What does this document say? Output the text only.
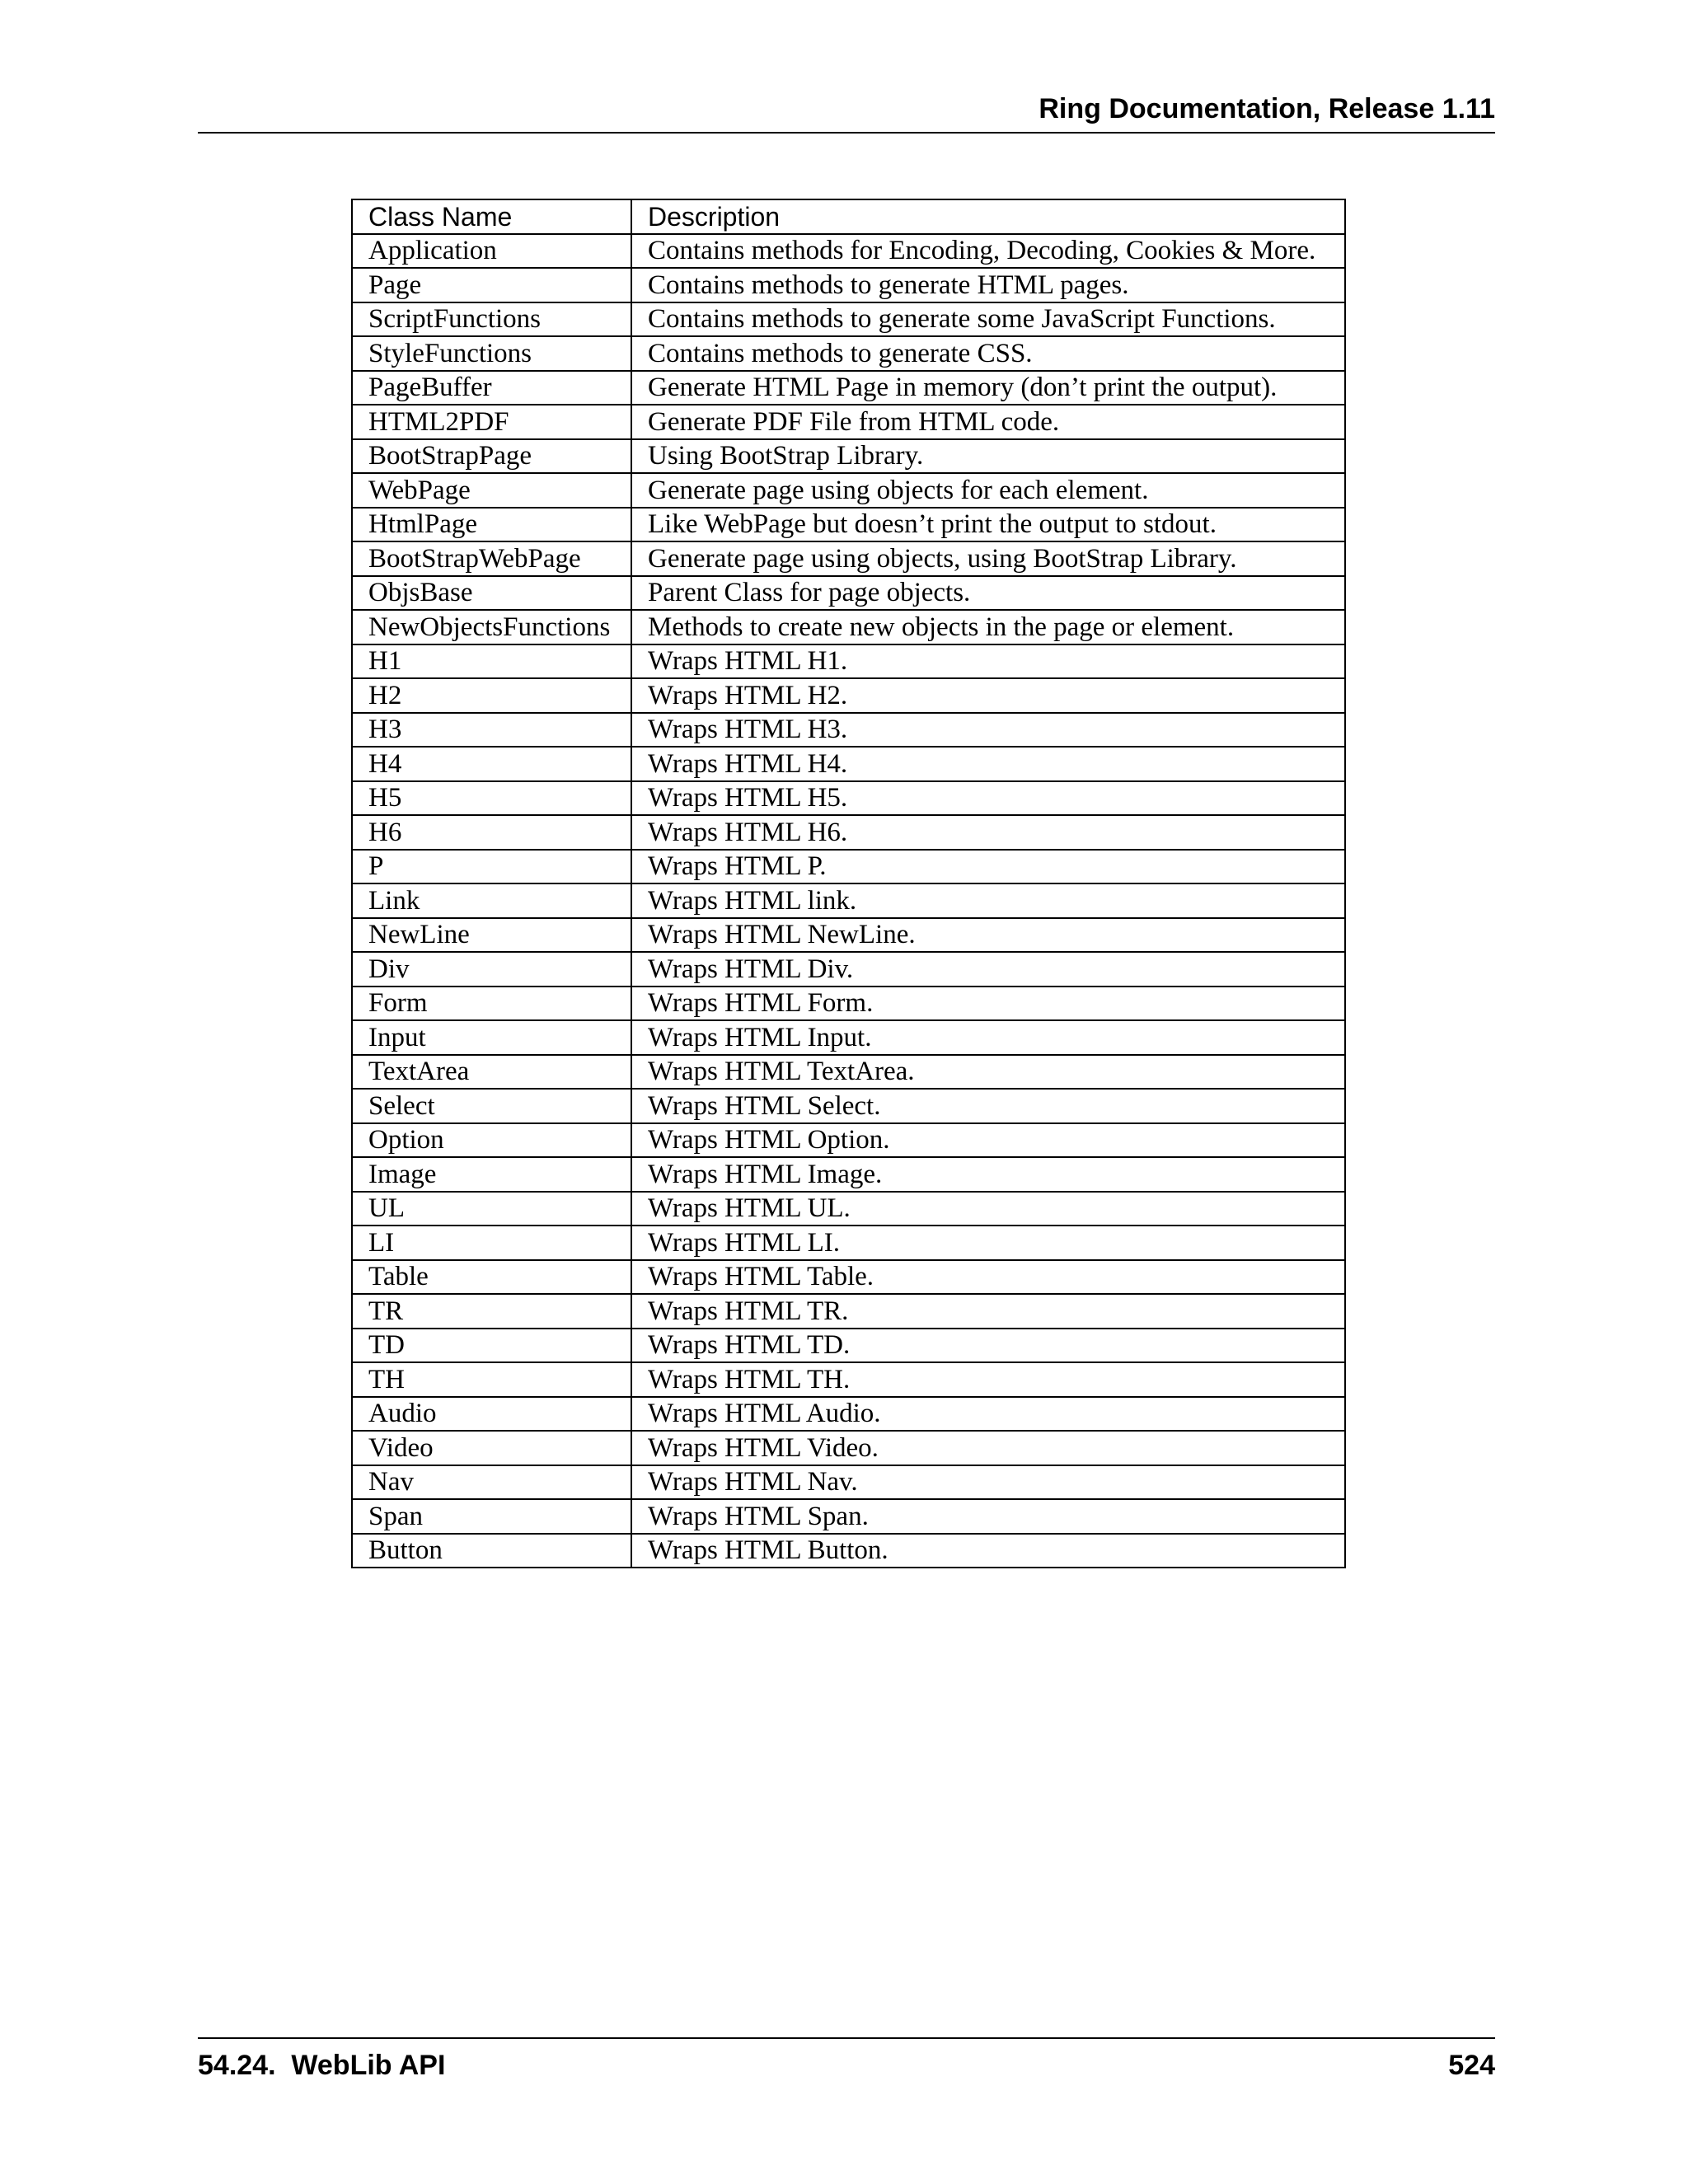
Ring Documentation, Release 1.11
Class Name	Description
Application	Contains methods for Encoding, Decoding, Cookies & More.
Page	Contains methods to generate HTML pages.
ScriptFunctions	Contains methods to generate some JavaScript Functions.
StyleFunctions	Contains methods to generate CSS.
PageBuffer	Generate HTML Page in memory (don’t print the output).
HTML2PDF	Generate PDF File from HTML code.
BootStrapPage	Using BootStrap Library.
WebPage	Generate page using objects for each element.
HtmlPage	Like WebPage but doesn’t print the output to stdout.
BootStrapWebPage	Generate page using objects, using BootStrap Library.
ObjsBase	Parent Class for page objects.
NewObjectsFunctions	Methods to create new objects in the page or element.
H1	Wraps HTML H1.
H2	Wraps HTML H2.
H3	Wraps HTML H3.
H4	Wraps HTML H4.
H5	Wraps HTML H5.
H6	Wraps HTML H6.
P	Wraps HTML P.
Link	Wraps HTML link.
NewLine	Wraps HTML NewLine.
Div	Wraps HTML Div.
Form	Wraps HTML Form.
Input	Wraps HTML Input.
TextArea	Wraps HTML TextArea.
Select	Wraps HTML Select.
Option	Wraps HTML Option.
Image	Wraps HTML Image.
UL	Wraps HTML UL.
LI	Wraps HTML LI.
Table	Wraps HTML Table.
TR	Wraps HTML TR.
TD	Wraps HTML TD.
TH	Wraps HTML TH.
Audio	Wraps HTML Audio.
Video	Wraps HTML Video.
Nav	Wraps HTML Nav.
Span	Wraps HTML Span.
Button	Wraps HTML Button.
54.24.  WebLib API	524
